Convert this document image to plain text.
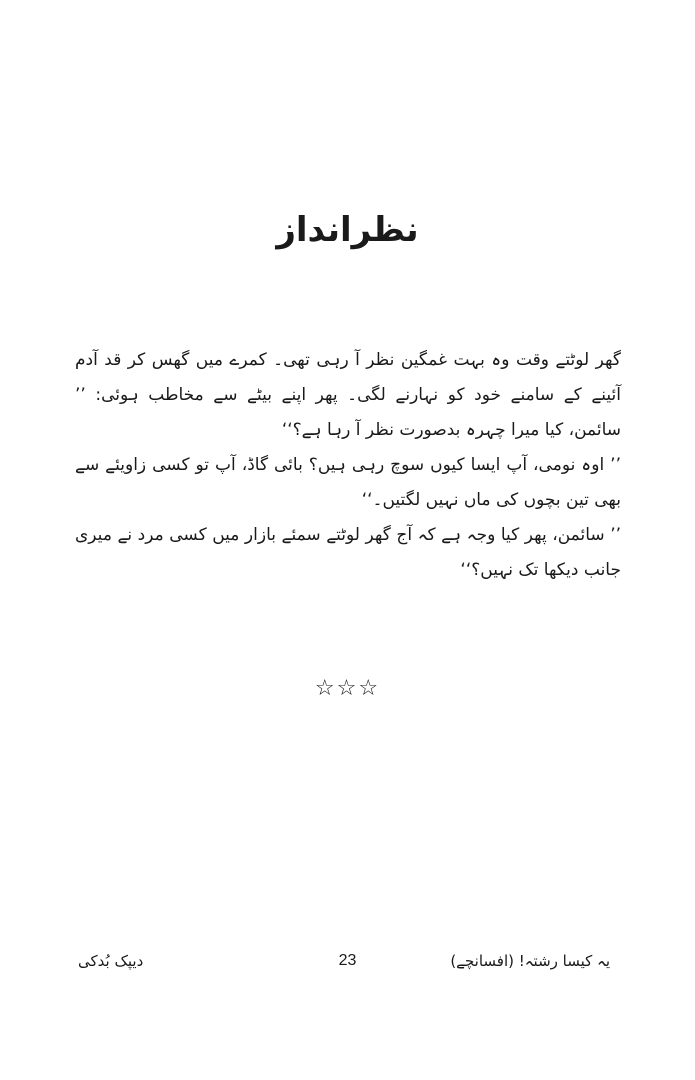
نظرانداز

گھر لوٹتے وقت وہ بہت غمگین نظر آ رہی تھی۔ کمرے میں گھس کر قد آدم آئینے کے سامنے خود کو نہارنے لگی۔ پھر اپنے بیٹے سے مخاطب ہوئی: ’’ سائمن، کیا میرا چہرہ بدصورت نظر آ رہا ہے؟‘‘

’’ اوہ نومی، آپ ایسا کیوں سوچ رہی ہیں؟ بائی گاڈ، آپ تو کسی زاویئے سے بھی تین بچوں کی ماں نہیں لگتیں۔‘‘

’’ سائمن، پھر کیا وجہ ہے کہ آج گھر لوٹتے سمئے بازار میں کسی مرد نے میری جانب دیکھا تک نہیں؟‘‘

☆☆☆
یہ کیسا رشتہ! (افسانچے)
23
دیپک بُدکی
